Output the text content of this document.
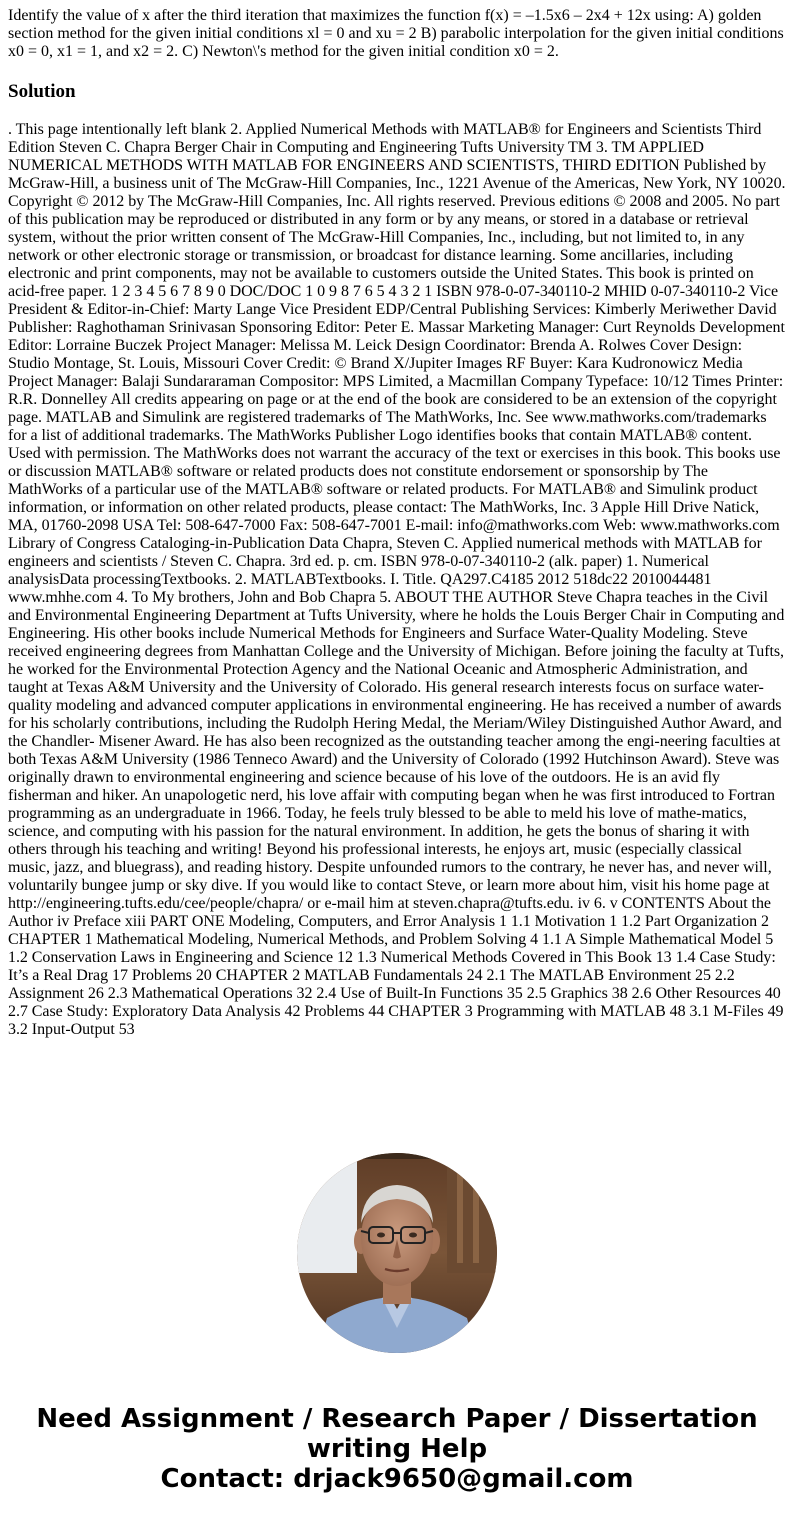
Identify the value of x after the third iteration that maximizes the function f(x) = –1.5x6 – 2x4 + 12x using: A) golden section method for the given initial conditions xl = 0 and xu = 2 B) parabolic interpolation for the given initial conditions x0 = 0, x1 = 1, and x2 = 2. C) Newton\'s method for the given initial condition x0 = 2.

Solution

. This page intentionally left blank 2. Applied Numerical Methods with MATLAB® for Engineers and Scientists Third Edition Steven C. Chapra Berger Chair in Computing and Engineering Tufts University TM 3. TM APPLIED NUMERICAL METHODS WITH MATLAB FOR ENGINEERS AND SCIENTISTS, THIRD EDITION Published by McGraw-Hill, a business unit of The McGraw-Hill Companies, Inc., 1221 Avenue of the Americas, New York, NY 10020. Copyright © 2012 by The McGraw-Hill Companies, Inc. All rights reserved. Previous editions © 2008 and 2005. No part of this publication may be reproduced or distributed in any form or by any means, or stored in a database or retrieval system, without the prior written consent of The McGraw-Hill Companies, Inc., including, but not limited to, in any network or other electronic storage or transmission, or broadcast for distance learning. Some ancillaries, including electronic and print components, may not be available to customers outside the United States. This book is printed on acid-free paper. 1 2 3 4 5 6 7 8 9 0 DOC/DOC 1 0 9 8 7 6 5 4 3 2 1 ISBN 978-0-07-340110-2 MHID 0-07-340110-2 Vice President & Editor-in-Chief: Marty Lange Vice President EDP/Central Publishing Services: Kimberly Meriwether David Publisher: Raghothaman Srinivasan Sponsoring Editor: Peter E. Massar Marketing Manager: Curt Reynolds Development Editor: Lorraine Buczek Project Manager: Melissa M. Leick Design Coordinator: Brenda A. Rolwes Cover Design: Studio Montage, St. Louis, Missouri Cover Credit: © Brand X/Jupiter Images RF Buyer: Kara Kudronowicz Media Project Manager: Balaji Sundararaman Compositor: MPS Limited, a Macmillan Company Typeface: 10/12 Times Printer: R.R. Donnelley All credits appearing on page or at the end of the book are considered to be an extension of the copyright page. MATLAB and Simulink are registered trademarks of The MathWorks, Inc. See www.mathworks.com/trademarks for a list of additional trademarks. The MathWorks Publisher Logo identifies books that contain MATLAB® content. Used with permission. The MathWorks does not warrant the accuracy of the text or exercises in this book. This books use or discussion MATLAB® software or related products does not constitute endorsement or sponsorship by The MathWorks of a particular use of the MATLAB® software or related products. For MATLAB® and Simulink product information, or information on other related products, please contact: The MathWorks, Inc. 3 Apple Hill Drive Natick, MA, 01760-2098 USA Tel: 508-647-7000 Fax: 508-647-7001 E-mail: info@mathworks.com Web: www.mathworks.com Library of Congress Cataloging-in-Publication Data Chapra, Steven C. Applied numerical methods with MATLAB for engineers and scientists / Steven C. Chapra. 3rd ed. p. cm. ISBN 978-0-07-340110-2 (alk. paper) 1. Numerical analysisData processingTextbooks. 2. MATLABTextbooks. I. Title. QA297.C4185 2012 518dc22 2010044481 www.mhhe.com 4. To My brothers, John and Bob Chapra 5. ABOUT THE AUTHOR Steve Chapra teaches in the Civil and Environmental Engineering Department at Tufts University, where he holds the Louis Berger Chair in Computing and Engineering. His other books include Numerical Methods for Engineers and Surface Water-Quality Modeling. Steve received engineering degrees from Manhattan College and the University of Michigan. Before joining the faculty at Tufts, he worked for the Environmental Protection Agency and the National Oceanic and Atmospheric Administration, and taught at Texas A&M University and the University of Colorado. His general research interests focus on surface water-quality modeling and advanced computer applications in environmental engineering. He has received a number of awards for his scholarly contributions, including the Rudolph Hering Medal, the Meriam/Wiley Distinguished Author Award, and the Chandler- Misener Award. He has also been recognized as the outstanding teacher among the engi-neering faculties at both Texas A&M University (1986 Tenneco Award) and the University of Colorado (1992 Hutchinson Award). Steve was originally drawn to environmental engineering and science because of his love of the outdoors. He is an avid fly fisherman and hiker. An unapologetic nerd, his love affair with computing began when he was first introduced to Fortran programming as an undergraduate in 1966. Today, he feels truly blessed to be able to meld his love of mathe-matics, science, and computing with his passion for the natural environment. In addition, he gets the bonus of sharing it with others through his teaching and writing! Beyond his professional interests, he enjoys art, music (especially classical music, jazz, and bluegrass), and reading history. Despite unfounded rumors to the contrary, he never has, and never will, voluntarily bungee jump or sky dive. If you would like to contact Steve, or learn more about him, visit his home page at http://engineering.tufts.edu/cee/people/chapra/ or e-mail him at steven.chapra@tufts.edu. iv 6. v CONTENTS About the Author iv Preface xiii PART ONE Modeling, Computers, and Error Analysis 1 1.1 Motivation 1 1.2 Part Organization 2 CHAPTER 1 Mathematical Modeling, Numerical Methods, and Problem Solving 4 1.1 A Simple Mathematical Model 5 1.2 Conservation Laws in Engineering and Science 12 1.3 Numerical Methods Covered in This Book 13 1.4 Case Study: It’s a Real Drag 17 Problems 20 CHAPTER 2 MATLAB Fundamentals 24 2.1 The MATLAB Environment 25 2.2 Assignment 26 2.3 Mathematical Operations 32 2.4 Use of Built-In Functions 35 2.5 Graphics 38 2.6 Other Resources 40 2.7 Case Study: Exploratory Data Analysis 42 Problems 44 CHAPTER 3 Programming with MATLAB 48 3.1 M-Files 49 3.2 Input-Output 53

Need Assignment / Research Paper / Dissertation
writing Help
Contact: drjack9650@gmail.com
